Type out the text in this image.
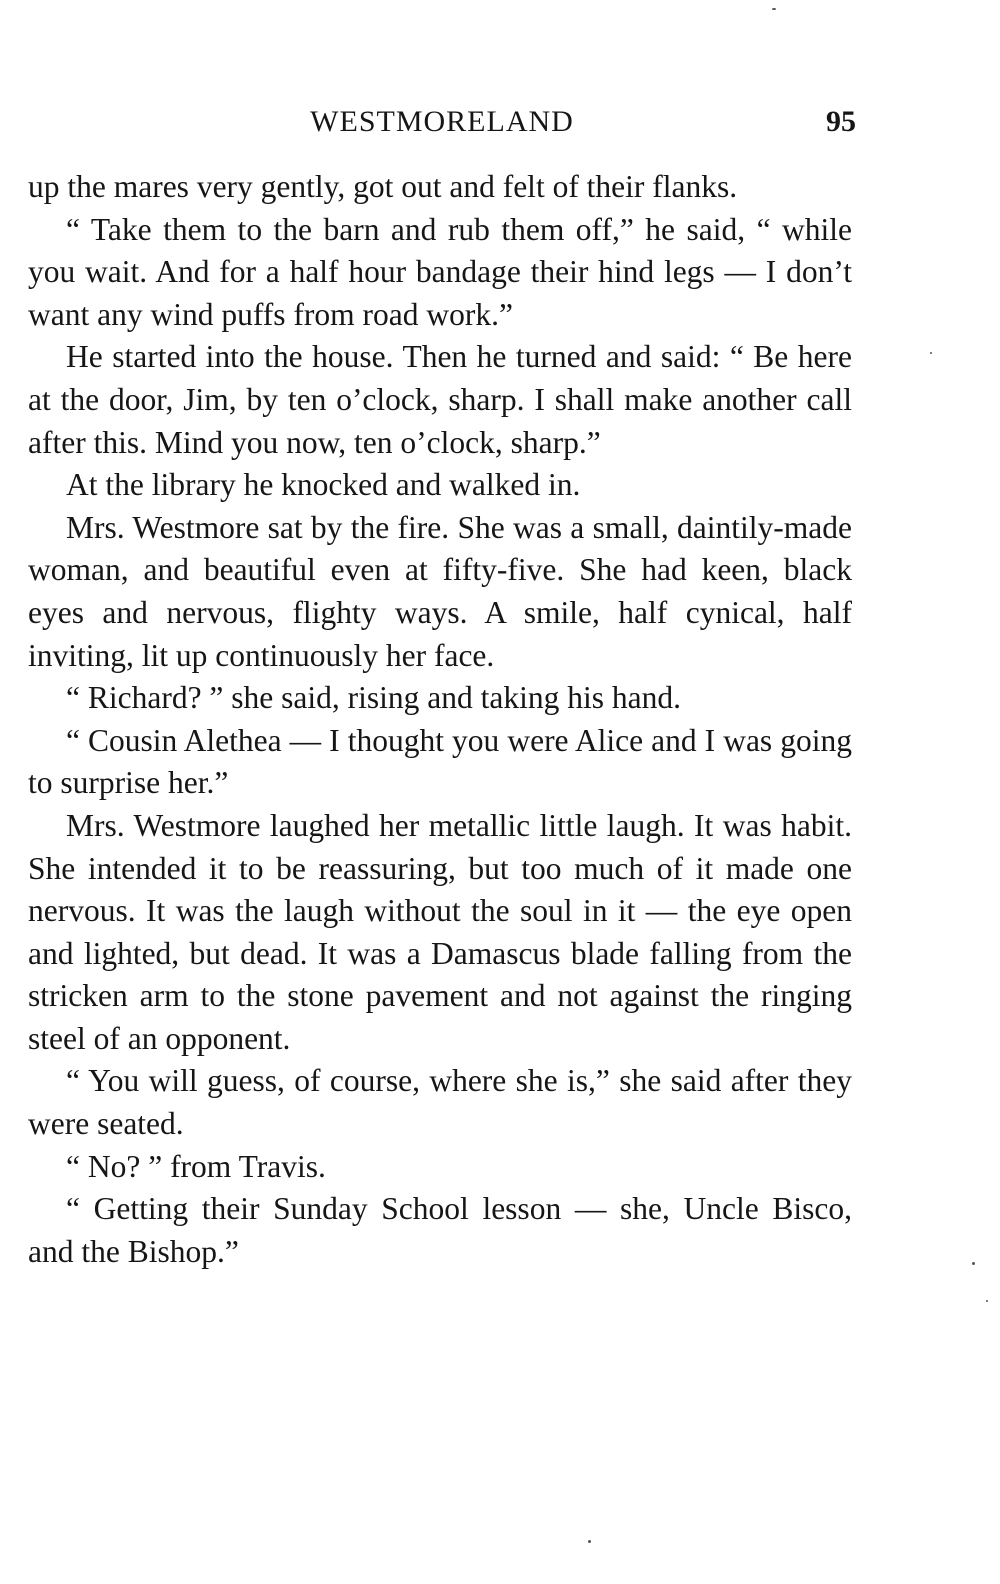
WESTMORELAND	95

up the mares very gently, got out and felt of their flanks.

“ Take them to the barn and rub them off,” he said, “ while you wait. And for a half hour bandage their hind legs — I don’t want any wind puffs from road work.”

He started into the house. Then he turned and said: “ Be here at the door, Jim, by ten o’clock, sharp. I shall make another call after this. Mind you now, ten o’clock, sharp.”

At the library he knocked and walked in.

Mrs. Westmore sat by the fire. She was a small, daintily-made woman, and beautiful even at fifty-five. She had keen, black eyes and nervous, flighty ways. A smile, half cynical, half inviting, lit up continuously her face.

“ Richard? ” she said, rising and taking his hand.

“ Cousin Alethea — I thought you were Alice and I was going to surprise her.”

Mrs. Westmore laughed her metallic little laugh. It was habit. She intended it to be reassuring, but too much of it made one nervous. It was the laugh without the soul in it — the eye open and lighted, but dead. It was a Damascus blade falling from the stricken arm to the stone pavement and not against the ringing steel of an opponent.

“ You will guess, of course, where she is,” she said after they were seated.

“ No? ” from Travis.

“ Getting their Sunday School lesson — she, Uncle Bisco, and the Bishop.”
